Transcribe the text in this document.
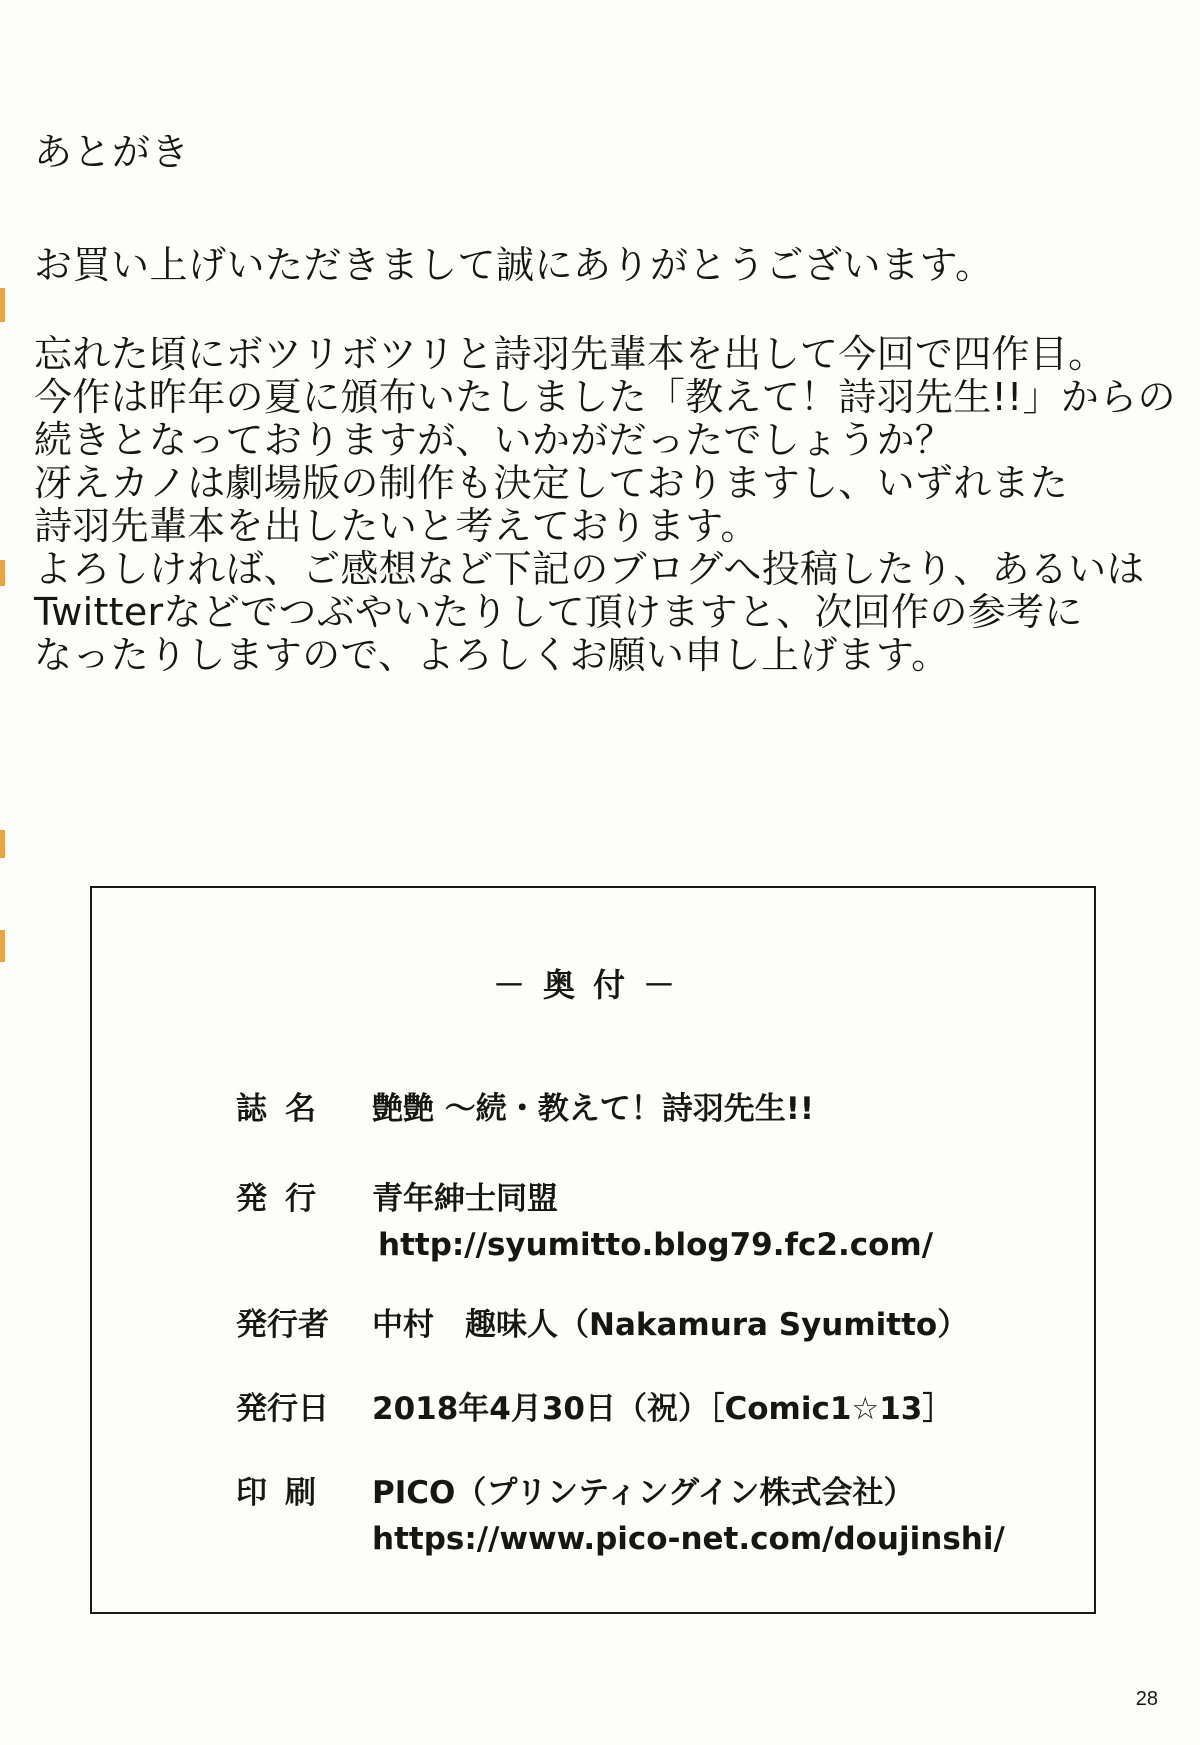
あとがき
お買い上げいただきまして誠にありがとうございます。
忘れた頃にボツリボツリと詩羽先輩本を出して今回で四作目。
今作は昨年の夏に頒布いたしました「教えて！詩羽先生!!」からの
続きとなっておりますが、いかがだったでしょうか？
冴えカノは劇場版の制作も決定しておりますし、いずれまた
詩羽先輩本を出したいと考えております。
よろしければ、ご感想など下記のブログへ投稿したり、あるいは
Twitterなどでつぶやいたりして頂けますと、次回作の参考に
なったりしますので、よろしくお願い申し上げます。
－奥付－
誌名 艶艶 ～続・教えて！詩羽先生!!
発行 青年紳士同盟
http://syumitto.blog79.fc2.com/
発行者 中村　趣味人（Nakamura Syumitto）
発行日 2018年4月30日（祝）［Comic1☆13］
印刷 PICO（プリンティングイン株式会社）
https://www.pico-net.com/doujinshi/
28
